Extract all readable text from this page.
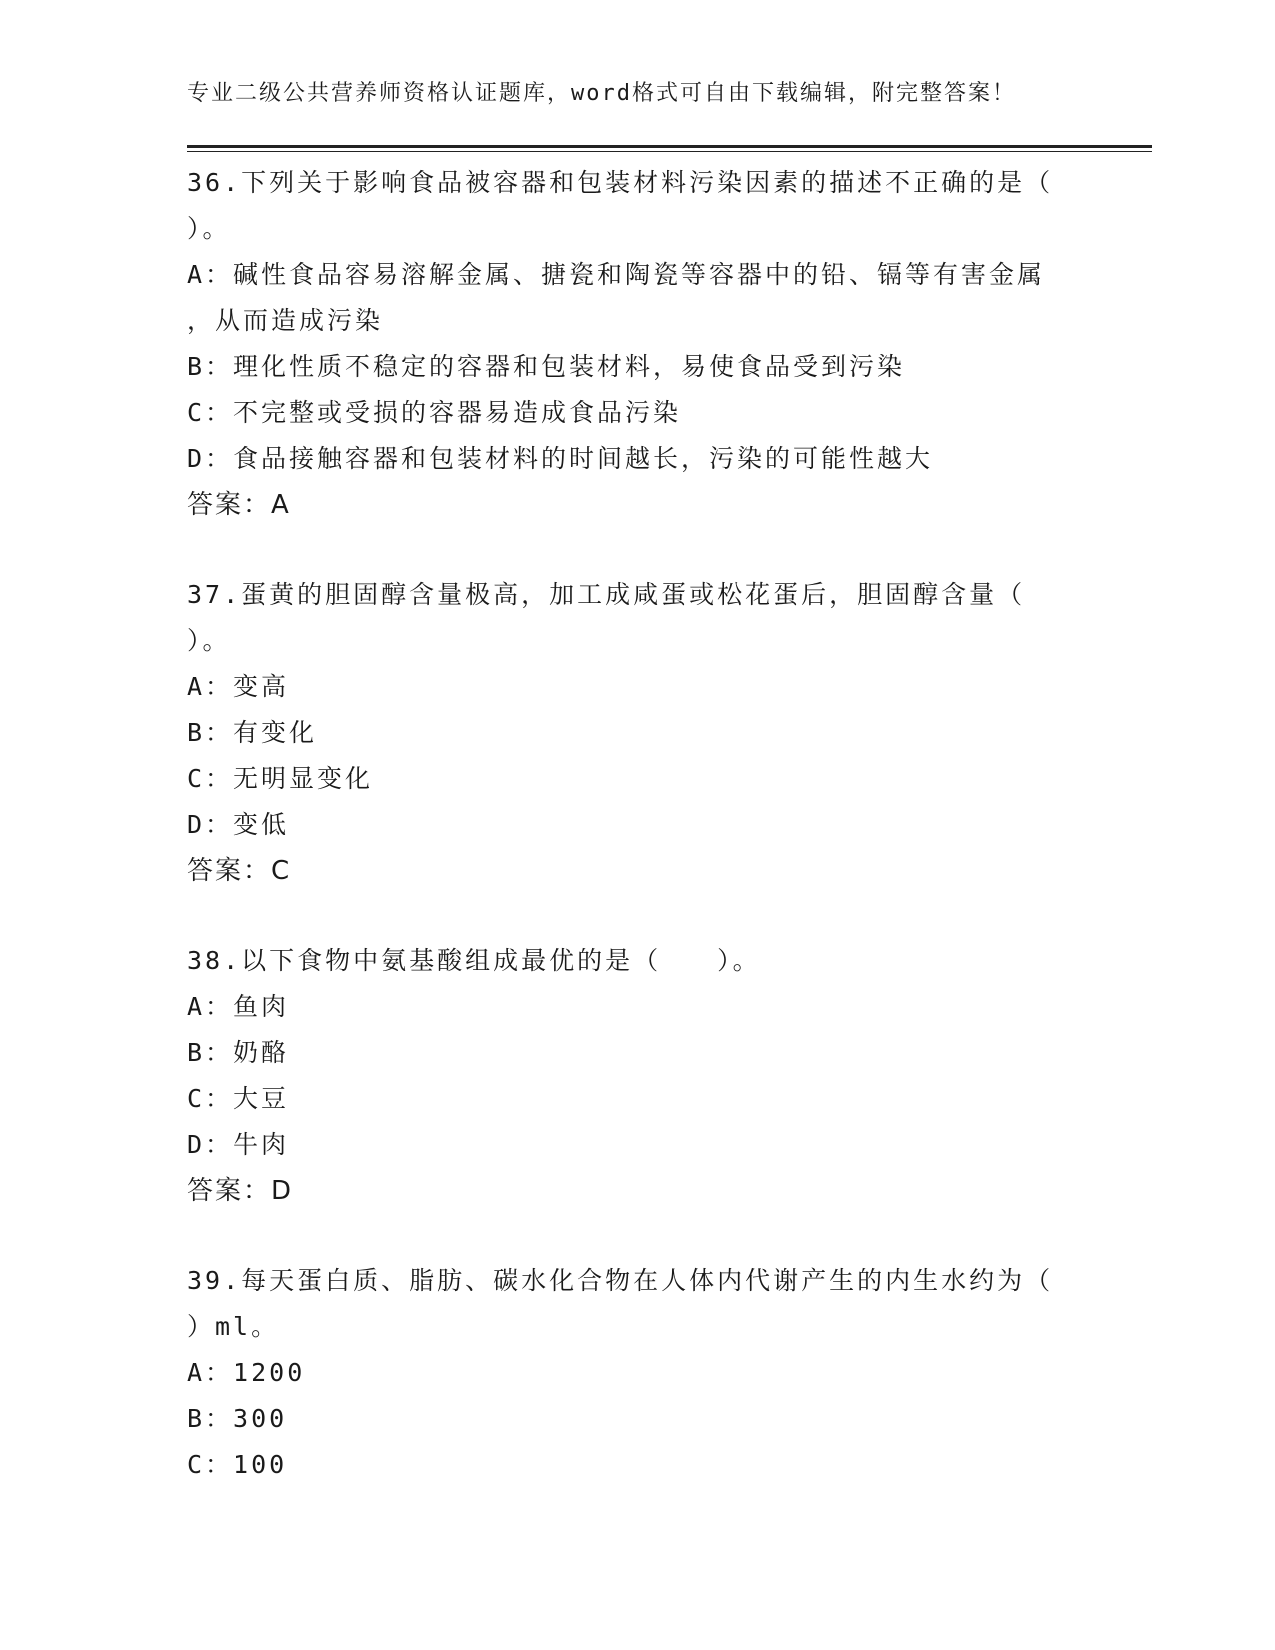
专业二级公共营养师资格认证题库，word格式可自由下载编辑，附完整答案！
36.下列关于影响食品被容器和包装材料污染因素的描述不正确的是（
）。
A：碱性食品容易溶解金属、搪瓷和陶瓷等容器中的铅、镉等有害金属
，从而造成污染
B：理化性质不稳定的容器和包装材料，易使食品受到污染
C：不完整或受损的容器易造成食品污染
D：食品接触容器和包装材料的时间越长，污染的可能性越大
答案：A
37.蛋黄的胆固醇含量极高，加工成咸蛋或松花蛋后，胆固醇含量（
）。
A：变高
B：有变化
C：无明显变化
D：变低
答案：C
38.以下食物中氨基酸组成最优的是（　　）。
A：鱼肉
B：奶酪
C：大豆
D：牛肉
答案：D
39.每天蛋白质、脂肪、碳水化合物在人体内代谢产生的内生水约为（
）ml。
A：1200
B：300
C：100
